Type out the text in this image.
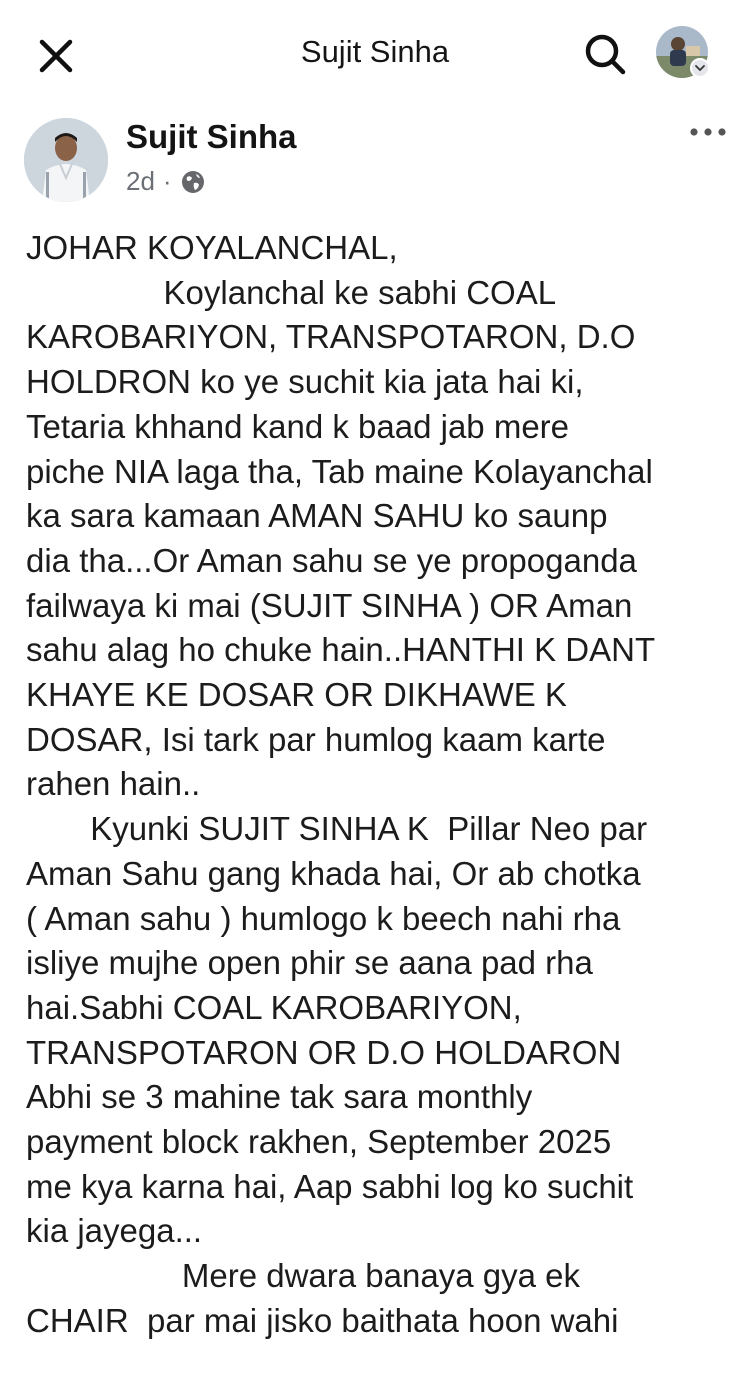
Sujit Sinha
Sujit Sinha
2d ·
JOHAR KOYALANCHAL,
Koylanchal ke sabhi COAL
KAROBARIYON, TRANSPOTARON, D.O
HOLDRON ko ye suchit kia jata hai ki,
Tetaria khhand kand k baad jab mere
piche NIA laga tha, Tab maine Kolayanchal
ka sara kamaan AMAN SAHU ko saunp
dia tha...Or Aman sahu se ye propoganda
failwaya ki mai (SUJIT SINHA ) OR Aman
sahu alag ho chuke hain..HANTHI K DANT
KHAYE KE DOSAR OR DIKHAWE K
DOSAR, Isi tark par humlog kaam karte
rahen hain..
Kyunki SUJIT SINHA K  Pillar Neo par
Aman Sahu gang khada hai, Or ab chotka
( Aman sahu ) humlogo k beech nahi rha
isliye mujhe open phir se aana pad rha
hai.Sabhi COAL KAROBARIYON,
TRANSPOTARON OR D.O HOLDARON
Abhi se 3 mahine tak sara monthly
payment block rakhen, September 2025
me kya karna hai, Aap sabhi log ko suchit
kia jayega...
Mere dwara banaya gya ek
CHAIR  par mai jisko baithata hoon wahi
